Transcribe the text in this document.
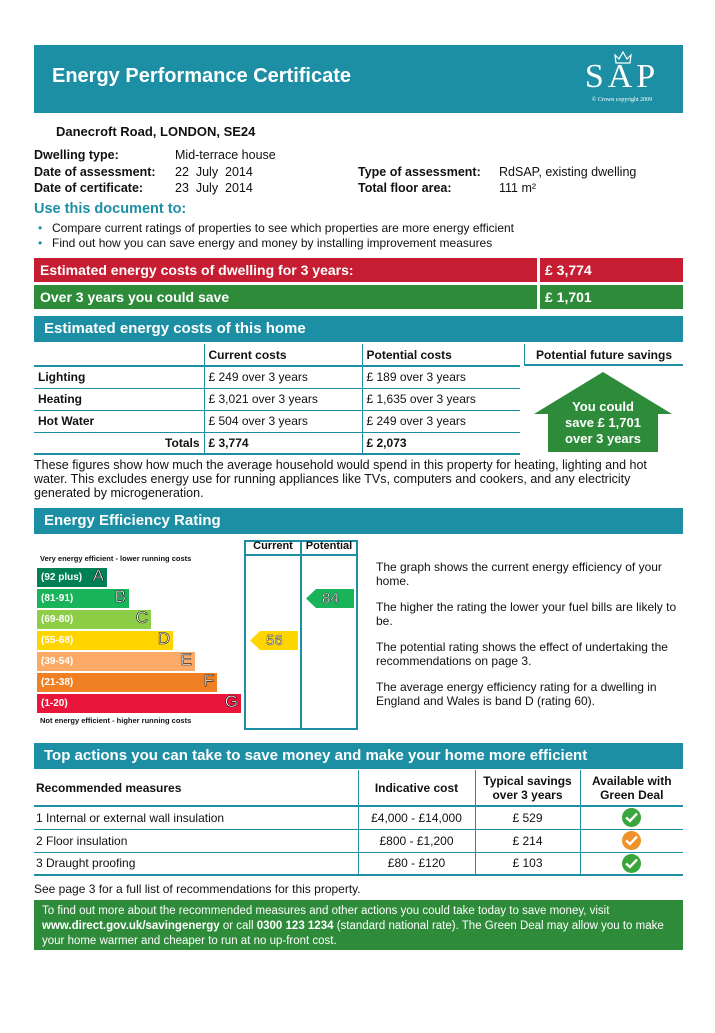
Energy Performance Certificate	SAP
© Crown copyright 2009
Danecroft Road, LONDON, SE24
Dwelling type:	Mid-terrace house
Date of assessment: 22  July  2014
Date of certificate:	23  July  2014
Type of assessment: RdSAP, existing dwelling
Total floor area:	111 m²
Use this document to:
• Compare current ratings of properties to see which properties are more energy efficient
• Find out how you can save energy and money by installing improvement measures
Estimated energy costs of dwelling for 3 years:	£ 3,774
Over 3 years you could save	£ 1,701
Estimated energy costs of this home
	Current costs	Potential costs
Lighting	£ 249 over 3 years	£ 189 over 3 years
Heating	£ 3,021 over 3 years	£ 1,635 over 3 years
Hot Water	£ 504 over 3 years	£ 249 over 3 years
Totals	£ 3,774	£ 2,073
Potential future savings
You could
save £ 1,701
over 3 years
These figures show how much the average household would spend in this property for heating, lighting and hot water. This excludes energy use for running appliances like TVs, computers and cookers, and any electricity generated by microgeneration.
Energy Efficiency Rating
Very energy efficient - lower running costs
(92 plus) A
(81-91) B
(69-80)	C
(55-68)	D
(39-54)	E
(21-38)	F
(1-20)	G
Not energy efficient - higher running costs
Current	Potential
56
84

The graph shows the current energy efficiency of your home.

The higher the rating the lower your fuel bills are likely to be.

The potential rating shows the effect of undertaking the recommendations on page 3.

The average energy efficiency rating for a dwelling in England and Wales is band D (rating 60).

Top actions you can take to save money and make your home more efficient
Recommended measures	Indicative cost	Typical savings over 3 years	Available with Green Deal
1 Internal or external wall insulation	£4,000 - £14,000	£ 529	

2 Floor insulation	£800 - £1,200	£ 214	

3 Draught proofing	£80 - £120	£ 103	
See page 3 for a full list of recommendations for this property.
To find out more about the recommended measures and other actions you could take today to save money, visit
www.direct.gov.uk/savingenergy or call 0300 123 1234 (standard national rate). The Green Deal may allow you to make your home warmer and cheaper to run at no up-front cost.
